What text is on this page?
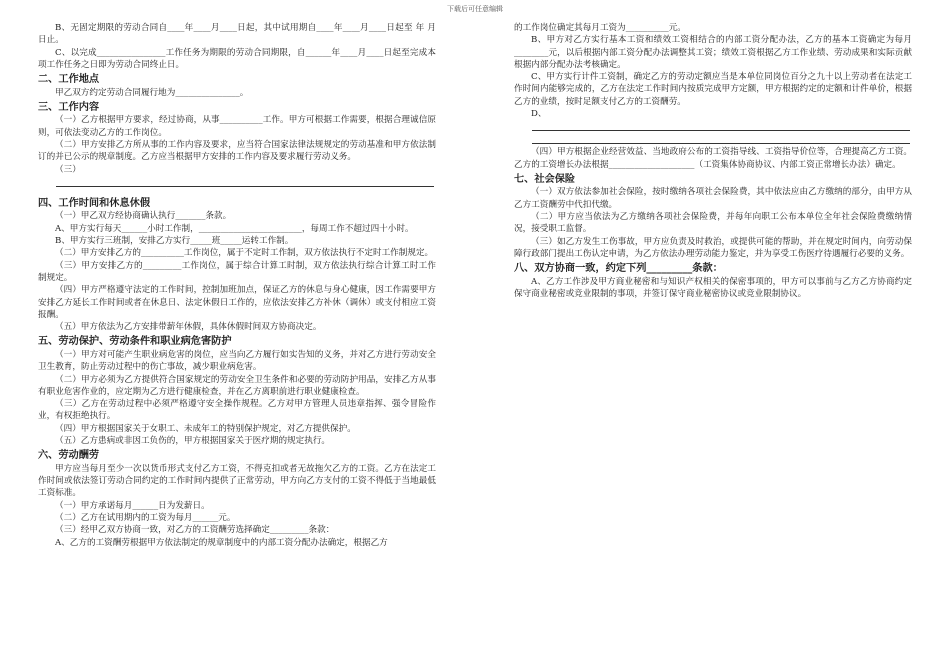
下载后可任意编辑

B、无固定期限的劳动合同自____年____月____日起，其中试用期自____年____月____日起至 年 月 日止。

C、以完成________________工作任务为期限的劳动合同期限，自______年____月____日起至完成本项工作任务之日即为劳动合同终止日。

二、工作地点

甲乙双方约定劳动合同履行地为_______________。

三、工作内容

（一）乙方根据甲方要求，经过协商，从事__________工作。甲方可根据工作需要，根据合理诚信原则，可依法变动乙方的工作岗位。

（二）甲方安排乙方所从事的工作内容及要求，应当符合国家法律法规规定的劳动基准和甲方依法制订的并已公示的规章制度。乙方应当根据甲方安排的工作内容及要求履行劳动义务。

（三）

四、工作时间和休息休假

（一）甲乙双方经协商确认执行_______条款。

A、甲方实行每天______小时工作制，________________________，每周工作不超过四十小时。

B、甲方实行三班制，安排乙方实行_____班_____运转工作制。

（二）甲方安排乙方的__________工作岗位，属于不定时工作制，双方依法执行不定时工作制规定。

（三）甲方安排乙方的_________工作岗位，属于综合计算工时制，双方依法执行综合计算工时工作制规定。

（四）甲方严格遵守法定的工作时间，控制加班加点，保证乙方的休息与身心健康，因工作需要甲方安排乙方延长工作时间或者在休息日、法定休假日工作的，应依法安排乙方补休（调休）或支付相应工资报酬。

（五）甲方依法为乙方安排带薪年休假，具体休假时间双方协商决定。

五、劳动保护、劳动条件和职业病危害防护

（一）甲方对可能产生职业病危害的岗位，应当向乙方履行如实告知的义务，并对乙方进行劳动安全卫生教育，防止劳动过程中的伤亡事故，减少职业病危害。

（二）甲方必须为乙方提供符合国家规定的劳动安全卫生条件和必要的劳动防护用品，安排乙方从事有职业危害作业的，应定期为乙方进行健康检查，并在乙方离职前进行职业健康检查。

（三）乙方在劳动过程中必须严格遵守安全操作规程。乙方对甲方管理人员违章指挥、强令冒险作业，有权拒绝执行。

（四）甲方根据国家关于女职工、未成年工的特别保护规定，对乙方提供保护。

（五）乙方患病或非因工负伤的，甲方根据国家关于医疗期的规定执行。

六、劳动酬劳

甲方应当每月至少一次以货币形式支付乙方工资，不得克扣或者无故拖欠乙方的工资。乙方在法定工作时间或依法签订劳动合同约定的工作时间内提供了正常劳动，甲方向乙方支付的工资不得低于当地最低工资标准。

（一）甲方承诺每月______日为发薪日。

（二）乙方在试用期内的工资为每月______元。

（三）经甲乙双方协商一致，对乙方的工资酬劳选择确定_________条款：

A、乙方的工资酬劳根据甲方依法制定的规章制度中的内部工资分配办法确定，根据乙方

的工作岗位确定其每月工资为__________元。

B、甲方对乙方实行基本工资和绩效工资相结合的内部工资分配办法，乙方的基本工资确定为每月________元，以后根据内部工资分配办法调整其工资；绩效工资根据乙方工作业绩、劳动成果和实际贡献根据内部分配办法考核确定。

C、甲方实行计件工资制，确定乙方的劳动定额应当是本单位同岗位百分之九十以上劳动者在法定工作时间内能够完成的，乙方在法定工作时间内按质完成甲方定额，甲方根据约定的定额和计件单价，根据乙方的业绩，按时足额支付乙方的工资酬劳。

D、

（四）甲方根据企业经营效益、当地政府公布的工资指导线、工资指导价位等，合理提高乙方工资。乙方的工资增长办法根据____________________（工资集体协商协议、内部工资正常增长办法）确定。

七、社会保险

（一）双方依法参加社会保险，按时缴纳各项社会保险费，其中依法应由乙方缴纳的部分，由甲方从乙方工资酬劳中代扣代缴。

（二）甲方应当依法为乙方缴纳各项社会保险费，并每年向职工公布本单位全年社会保险费缴纳情况，接受职工监督。

（三）如乙方发生工伤事故，甲方应负责及时救治，或提供可能的帮助，并在规定时间内，向劳动保障行政部门提出工伤认定申请，为乙方依法办理劳动能力鉴定，并为享受工伤医疗待遇履行必要的义务。

八、双方协商一致，约定下列_________条款：

A、乙方工作涉及甲方商业秘密和与知识产权相关的保密事项的，甲方可以事前与乙方乙方协商约定保守商业秘密或竞业限制的事项，并签订保守商业秘密协议或竞业限制协议。
